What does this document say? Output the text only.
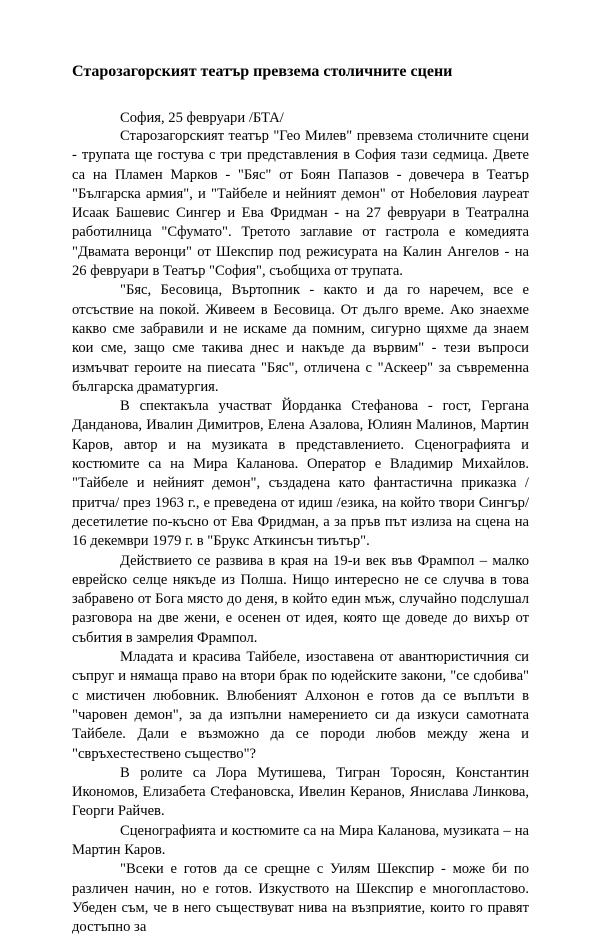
Старозагорският театър превзема столичните сцени

София, 25 февруари /БТА/

Старозагорският театър "Гео Милев" превзема столичните сцени - трупата ще гостува с три представления в София тази седмица. Двете са на Пламен Марков - "Бяс" от Боян Папазов - довечера в Театър "Българска армия", и "Тайбеле и нейният демон" от Нобеловия лауреат Исаак Башевис Сингер и Ева Фридман - на 27 февруари в Театрална работилница "Сфумато". Третото заглавие от гастрола е комедията "Двамата веронци" от Шекспир под режисурата на Калин Ангелов - на 26 февруари в Театър "София", съобщиха от трупата.

"Бяс, Бесовица, Въртопник - както и да го наречем, все е отсъствие на покой. Живеем в Бесовица. От дълго време. Ако знаехме какво сме забравили и не искаме да помним, сигурно щяхме да знаем кои сме, защо сме такива днес и накъде да вървим" - тези въпроси измъчват героите на пиесата "Бяс", отличена с "Аскеер" за съвременна българска драматургия.

В спектакъла участват Йорданка Стефанова - гост, Гергана Данданова, Ивалин Димитров, Елена Азалова, Юлиян Малинов, Мартин Каров, автор и на музиката в представлението. Сценографията и костюмите са на Мира Каланова. Оператор е Владимир Михайлов. "Тайбеле и нейният демон", създадена като фантастична приказка /притча/ през 1963 г., е преведена от идиш /езика, на който твори Сингър/ десетилетие по-късно от Ева Фридман, а за пръв път излиза на сцена на 16 декември 1979 г. в "Брукс Аткинсън тиътър".

Действието се развива в края на 19-и век във Фрампол – малко еврейско селце някъде из Полша. Нищо интересно не се случва в това забравено от Бога място до деня, в който един мъж, случайно подслушал разговора на две жени, е осенен от идея, която ще доведе до вихър от събития в замрелия Фрампол.

Младата и красива Тайбеле, изоставена от авантюристичния си съпруг и нямаща право на втори брак по юдейските закони, "се сдобива" с мистичен любовник. Влюбеният Алхонон е готов да се въплъти в "чаровен демон", за да изпълни намерението си да изкуси самотната Тайбеле. Дали е възможно да се породи любов между жена и "свръхестествено същество"?

В ролите са Лора Мутишева, Тигран Торосян, Константин Икономов, Елизабета Стефановска, Ивелин Керанов, Янислава Линкова, Георги Райчев.

Сценографията и костюмите са на Мира Каланова, музиката – на Мартин Каров.

"Всеки е готов да се срещне с Уилям Шекспир - може би по различен начин, но е готов. Изкуството на Шекспир е многопластово. Убеден съм, че в него съществуват нива на възприятие, които го правят достъпно за
